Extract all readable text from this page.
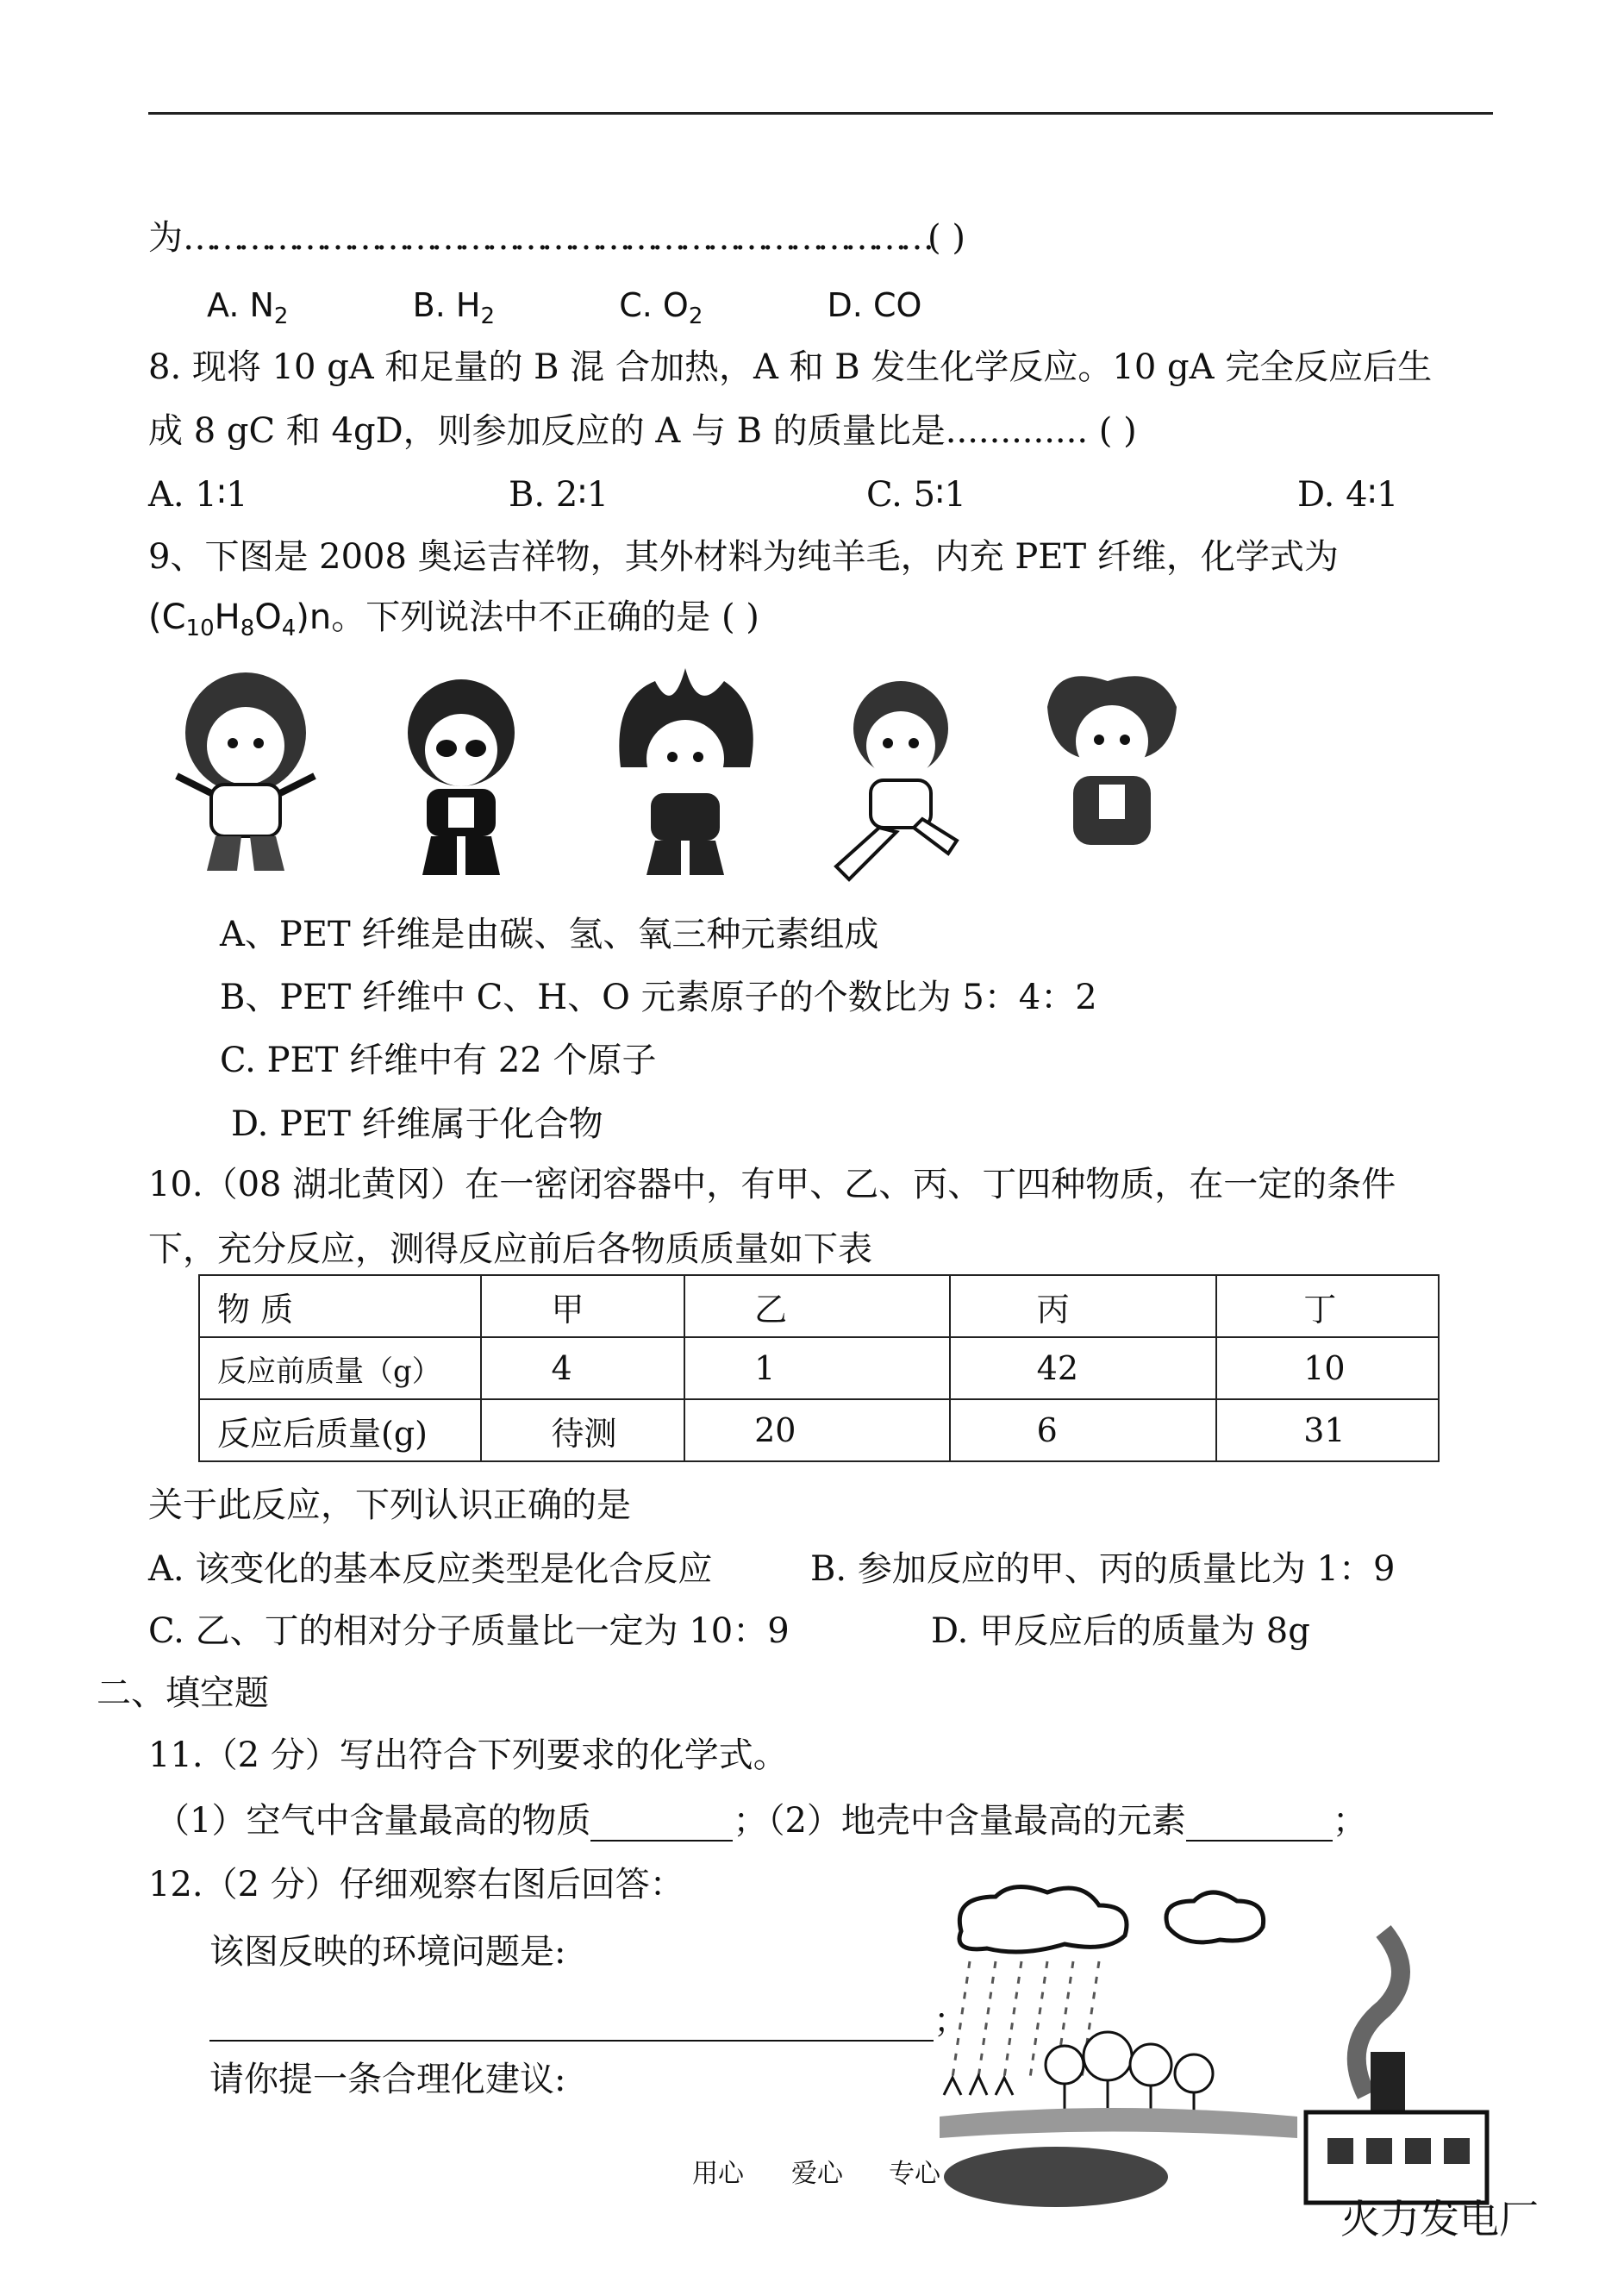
为………………………………………………………………………( )
A. $N_2$	B. $H_2$	C. $O_2$	D. CO
8. 现将 10 gA 和足量的 B 混 合加热，A 和 B 发生化学反应。10 gA 完全反应后生
成 8 gC 和 4gD，则参加反应的 A 与 B 的质量比是............. ( )
A. 1∶1	B. 2∶1	C. 5∶1	D. 4∶1
9、下图是 2008 奥运吉祥物，其外材料为纯羊毛，内充 PET 纤维，化学式为
$(C_{10}H_8O_4)n$。下列说法中不正确的是 ( )
A、PET 纤维是由碳、氢、氧三种元素组成
B、PET 纤维中 C、H、O 元素原子的个数比为 5：4：2
C. PET 纤维中有 22 个原子
D. PET 纤维属于化合物
10.（08 湖北黄冈）在一密闭容器中，有甲、乙、丙、丁四种物质，在一定的条件
下，充分反应，测得反应前后各物质质量如下表
物 质	甲	乙	丙	丁
反应前质量（g）	4	1	42	10
反应后质量(g)	待测	20	6	31
关于此反应，下列认识正确的是
A. 该变化的基本反应类型是化合反应	B. 参加反应的甲、丙的质量比为 1：9
C. 乙、丁的相对分子质量比一定为 10：9	D. 甲反应后的质量为 8g
二、填空题
11.（2 分）写出符合下列要求的化学式。
（1）空气中含量最高的物质	；（2）地壳中含量最高的元素	；
12.（2 分）仔细观察右图后回答：
该图反映的环境问题是:
；
请你提一条合理化建议:
火力发电厂
用心 爱心 专心
